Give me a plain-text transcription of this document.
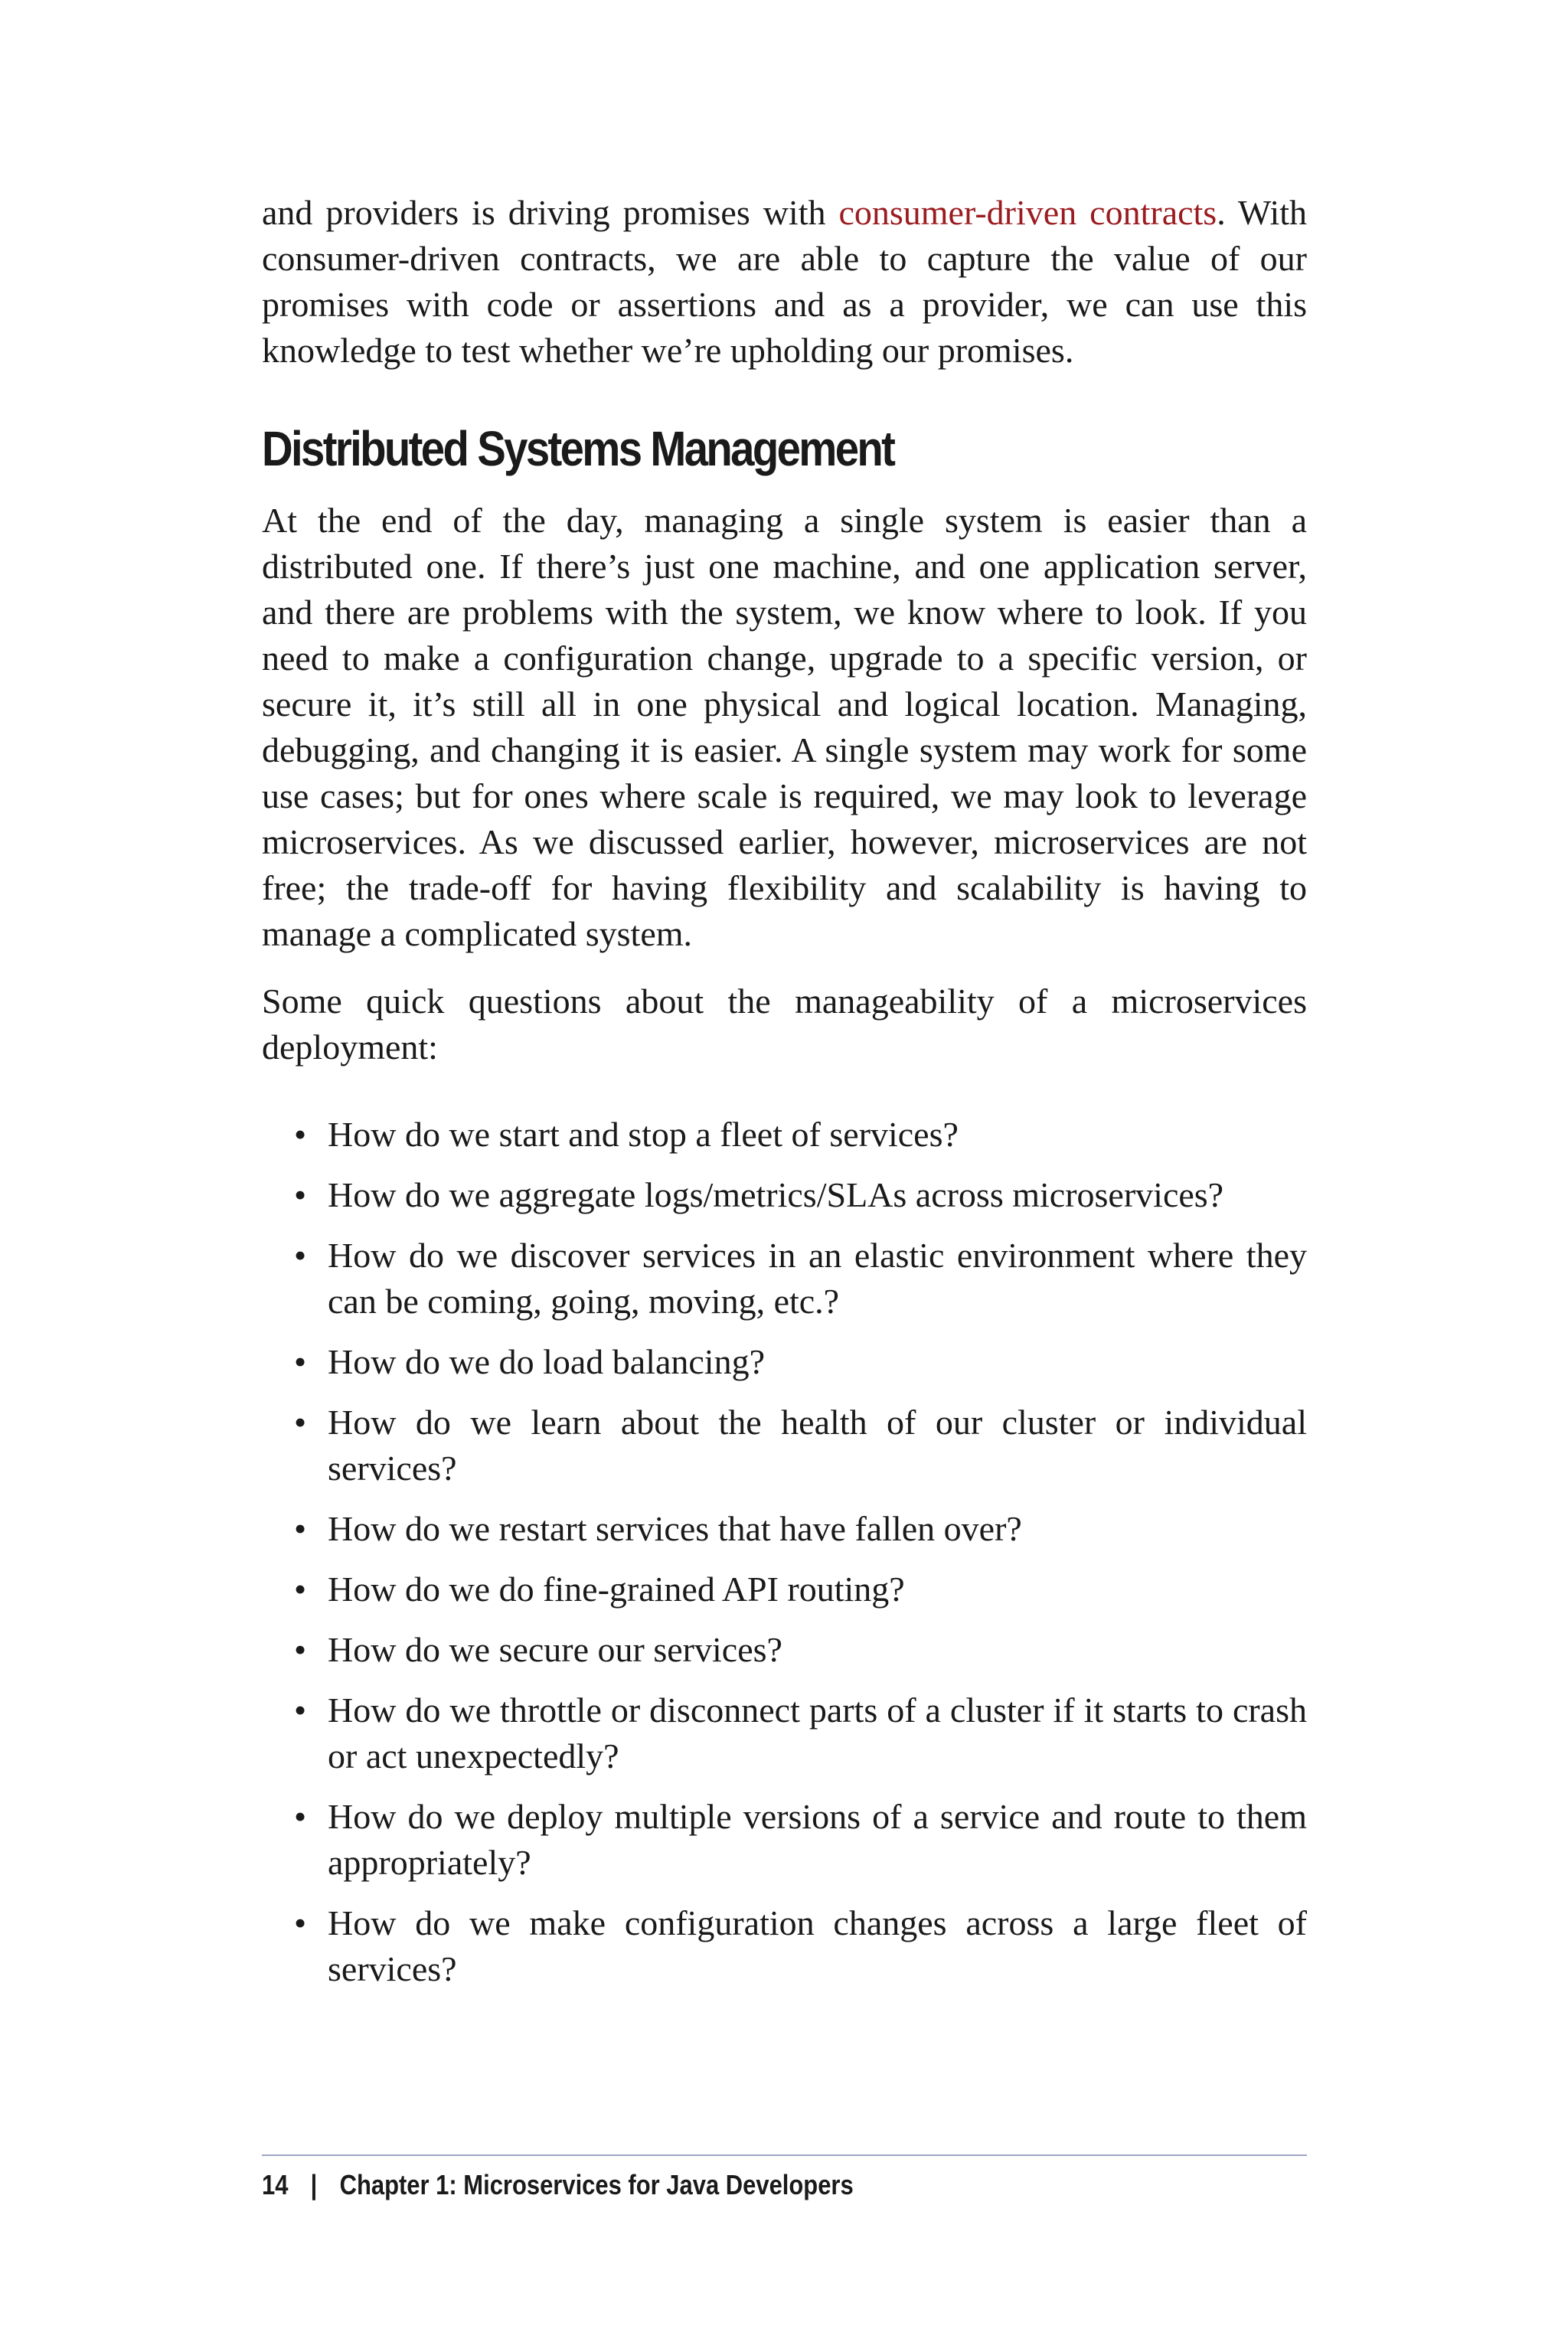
and providers is driving promises with consumer-driven contracts. With consumer-driven contracts, we are able to capture the value of our promises with code or assertions and as a provider, we can use this knowledge to test whether we’re upholding our promises.

Distributed Systems Management

At the end of the day, managing a single system is easier than a distributed one. If there’s just one machine, and one application server, and there are problems with the system, we know where to look. If you need to make a configuration change, upgrade to a specific version, or secure it, it’s still all in one physical and logical location. Managing, debugging, and changing it is easier. A single system may work for some use cases; but for ones where scale is required, we may look to leverage microservices. As we discussed earlier, however, microservices are not free; the trade-off for having flexibility and scalability is having to manage a complicated system.

Some quick questions about the manageability of a microservices deployment:

• How do we start and stop a fleet of services?
• How do we aggregate logs/metrics/SLAs across microservices?
• How do we discover services in an elastic environment where they can be coming, going, moving, etc.?
• How do we do load balancing?
• How do we learn about the health of our cluster or individual services?
• How do we restart services that have fallen over?
• How do we do fine-grained API routing?
• How do we secure our services?
• How do we throttle or disconnect parts of a cluster if it starts to crash or act unexpectedly?
• How do we deploy multiple versions of a service and route to them appropriately?
• How do we make configuration changes across a large fleet of services?
14 | Chapter 1: Microservices for Java Developers
